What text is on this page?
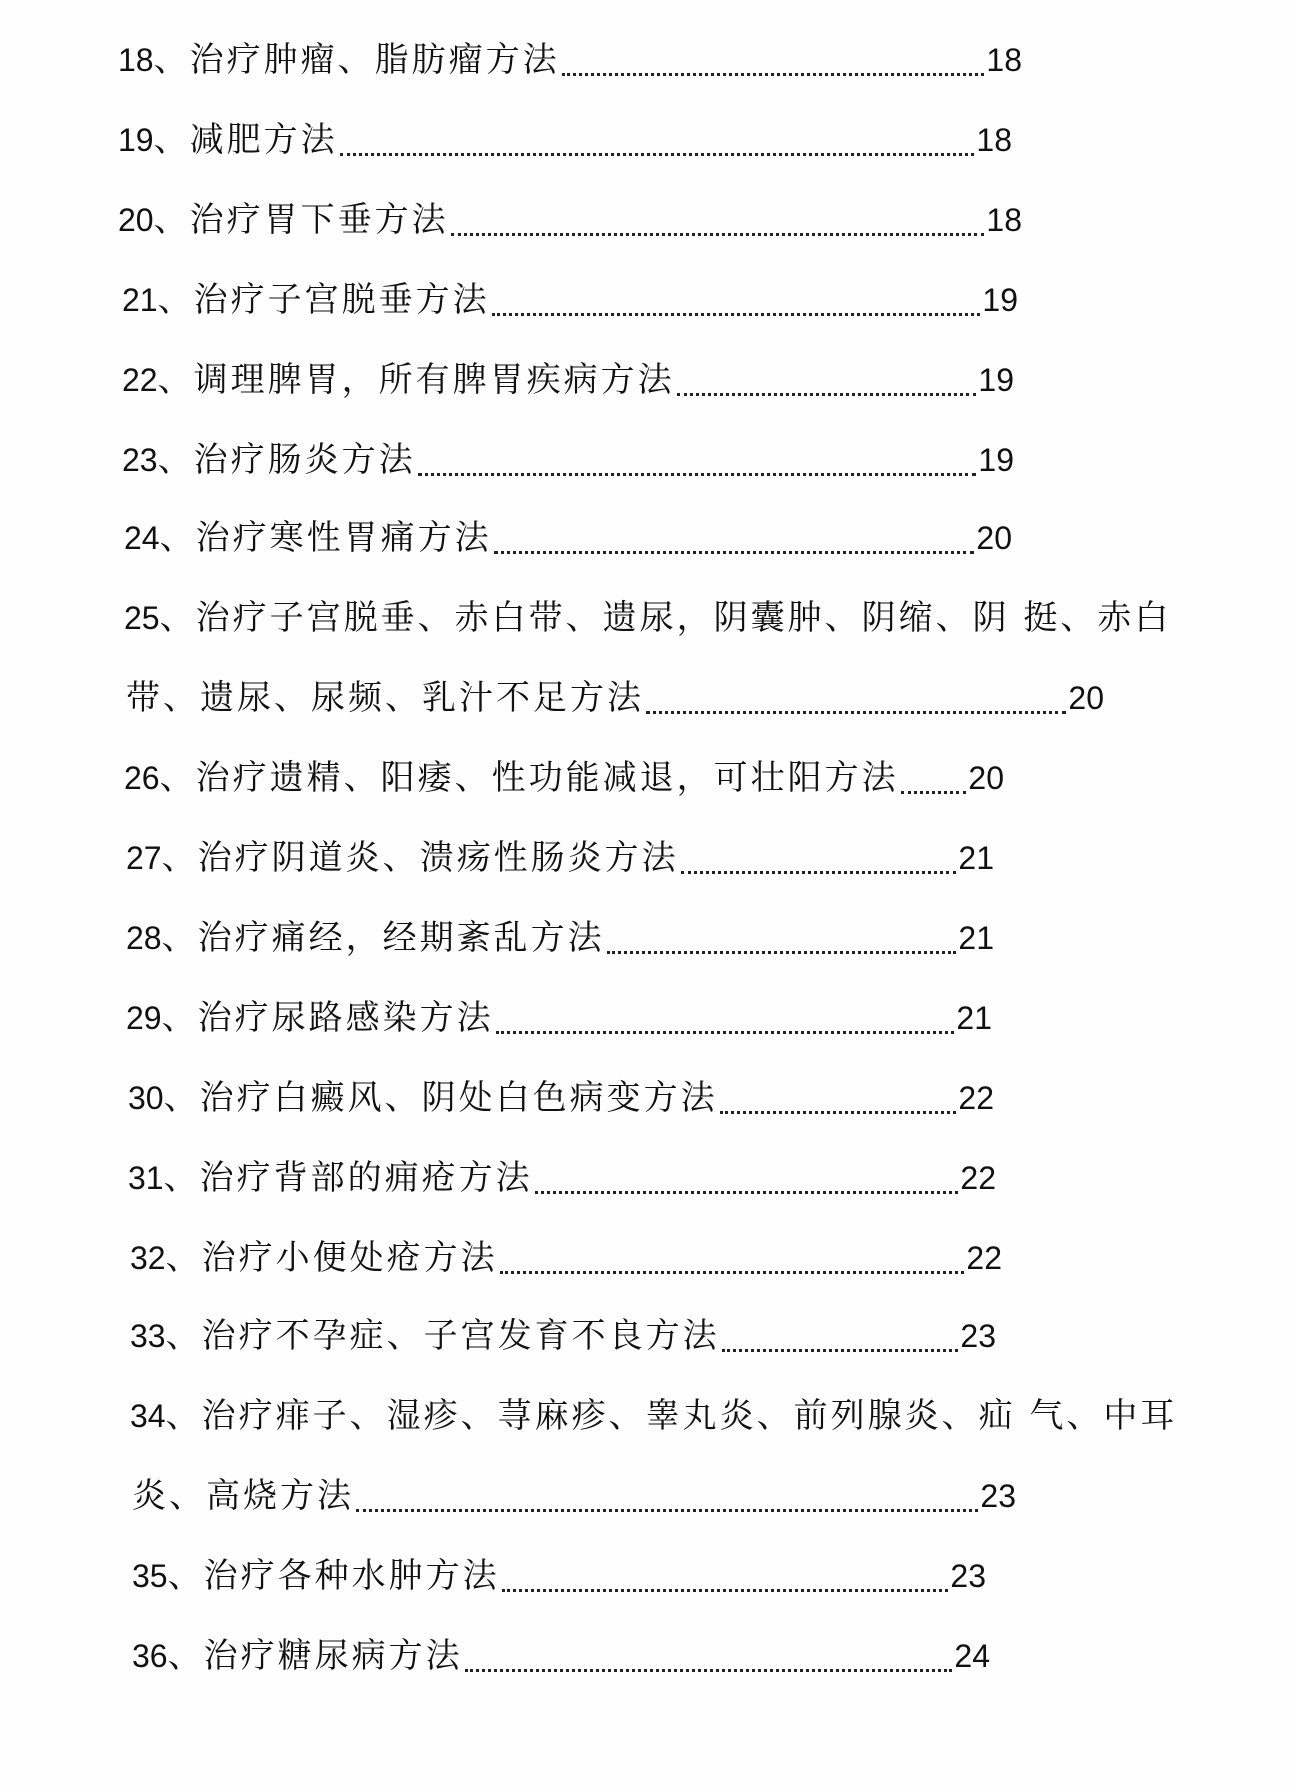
18 、 治疗肿瘤、脂肪瘤方法	18
19 、 减肥方法	18
20 、 治疗胃下垂方法	18
21 、 治疗子宫脱垂方法	19
22 、 调理脾胃，所有脾胃疾病方法	19
23 、 治疗肠炎方法	19
24 、 治疗寒性胃痛方法	20
25、治疗子宫脱垂、赤白带、遗尿，阴囊肿、阴缩、阴 挺、赤白
带、遗尿、尿频、乳汁不足方法	20
26 、 治疗遗精、阳痿、性功能减退，可壮阳方法 20
27 、 治疗阴道炎、溃疡性肠炎方法	21
28 、 治疗痛经，经期紊乱方法	21
29 、 治疗尿路感染方法	21
30 、 治疗白癜风、阴处白色病变方法	22
31 、 治疗背部的痈疮方法	22
32 、 治疗小便处疮方法	22
33 、 治疗不孕症、子宫发育不良方法	23
34、治疗痱子、湿疹、荨麻疹、睾丸炎、前列腺炎、疝 气、中耳
炎、高烧方法	23
35 、 治疗各种水肿方法	23
36 、 治疗糖尿病方法	24
